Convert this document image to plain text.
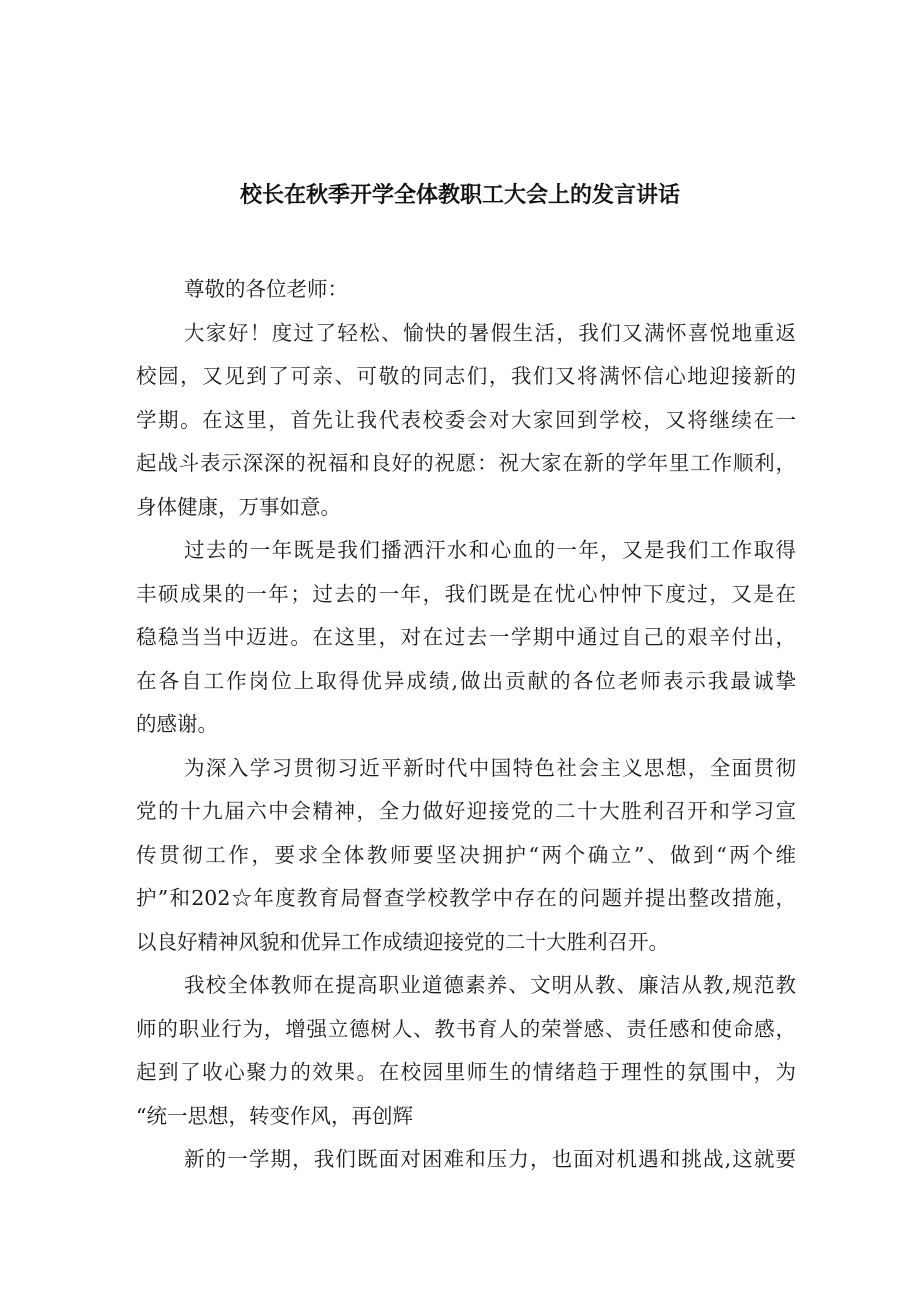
校长在秋季开学全体教职工大会上的发言讲话
尊敬的各位老师：
大家好！度过了轻松、愉快的暑假生活，我们又满怀喜悦地重返
校园，又见到了可亲、可敬的同志们，我们又将满怀信心地迎接新的
学期。在这里，首先让我代表校委会对大家回到学校，又将继续在一
起战斗表示深深的祝福和良好的祝愿：祝大家在新的学年里工作顺利，
身体健康，万事如意。
过去的一年既是我们播洒汗水和心血的一年，又是我们工作取得
丰硕成果的一年；过去的一年，我们既是在忧心忡忡下度过，又是在
稳稳当当中迈进。在这里，对在过去一学期中通过自己的艰辛付出，
在各自工作岗位上取得优异成绩,做出贡献的各位老师表示我最诚挚
的感谢。
为深入学习贯彻习近平新时代中国特色社会主义思想，全面贯彻
党的十九届六中会精神，全力做好迎接党的二十大胜利召开和学习宣
传贯彻工作，要求全体教师要坚决拥护“两个确立”、做到“两个维
护”和202☆年度教育局督查学校教学中存在的问题并提出整改措施，
以良好精神风貌和优异工作成绩迎接党的二十大胜利召开。
我校全体教师在提高职业道德素养、文明从教、廉洁从教,规范教
师的职业行为，增强立德树人、教书育人的荣誉感、责任感和使命感，
起到了收心聚力的效果。在校园里师生的情绪趋于理性的氛围中，为
“统一思想，转变作风，再创辉
新的一学期，我们既面对困难和压力，也面对机遇和挑战,这就要
